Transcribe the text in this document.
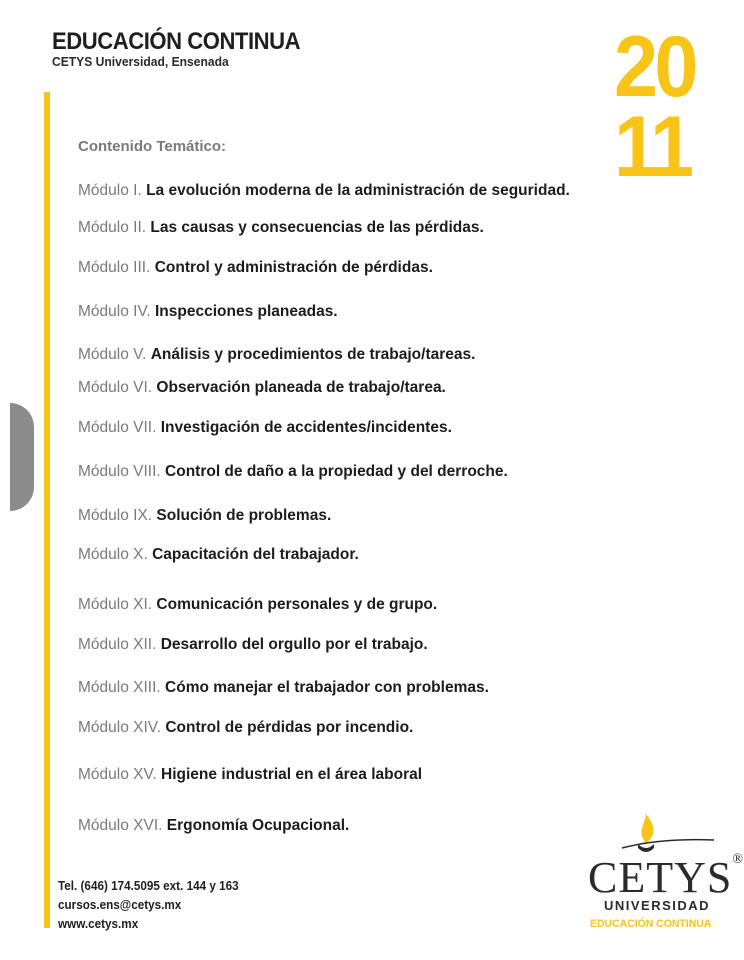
EDUCACIÓN CONTINUA
CETYS Universidad, Ensenada	20
11
Contenido Temático:
Módulo I. La evolución moderna de la administración de seguridad.
Módulo II. Las causas y consecuencias de las pérdidas.
Módulo III. Control y administración de pérdidas.
Módulo IV. Inspecciones planeadas.
Módulo V. Análisis y procedimientos de trabajo/tareas.
Módulo VI. Observación planeada de trabajo/tarea.
Módulo VII. Investigación de accidentes/incidentes.
Módulo VIII. Control de daño a la propiedad y del derroche.
Módulo IX. Solución de problemas.
Módulo X. Capacitación del trabajador.
Módulo XI. Comunicación personales y de grupo.
Módulo XII. Desarrollo del orgullo por el trabajo.
Módulo XIII. Cómo manejar el trabajador con problemas.
Módulo XIV. Control de pérdidas por incendio.
Módulo XV. Higiene industrial en el área laboral
Módulo XVI. Ergonomía Ocupacional.
Tel. (646) 174.5095 ext. 144 y 163
cursos.ens@cetys.mx
www.cetys.mx
CETYS®
UNIVERSIDAD
EDUCACIÓN CONTINUA
